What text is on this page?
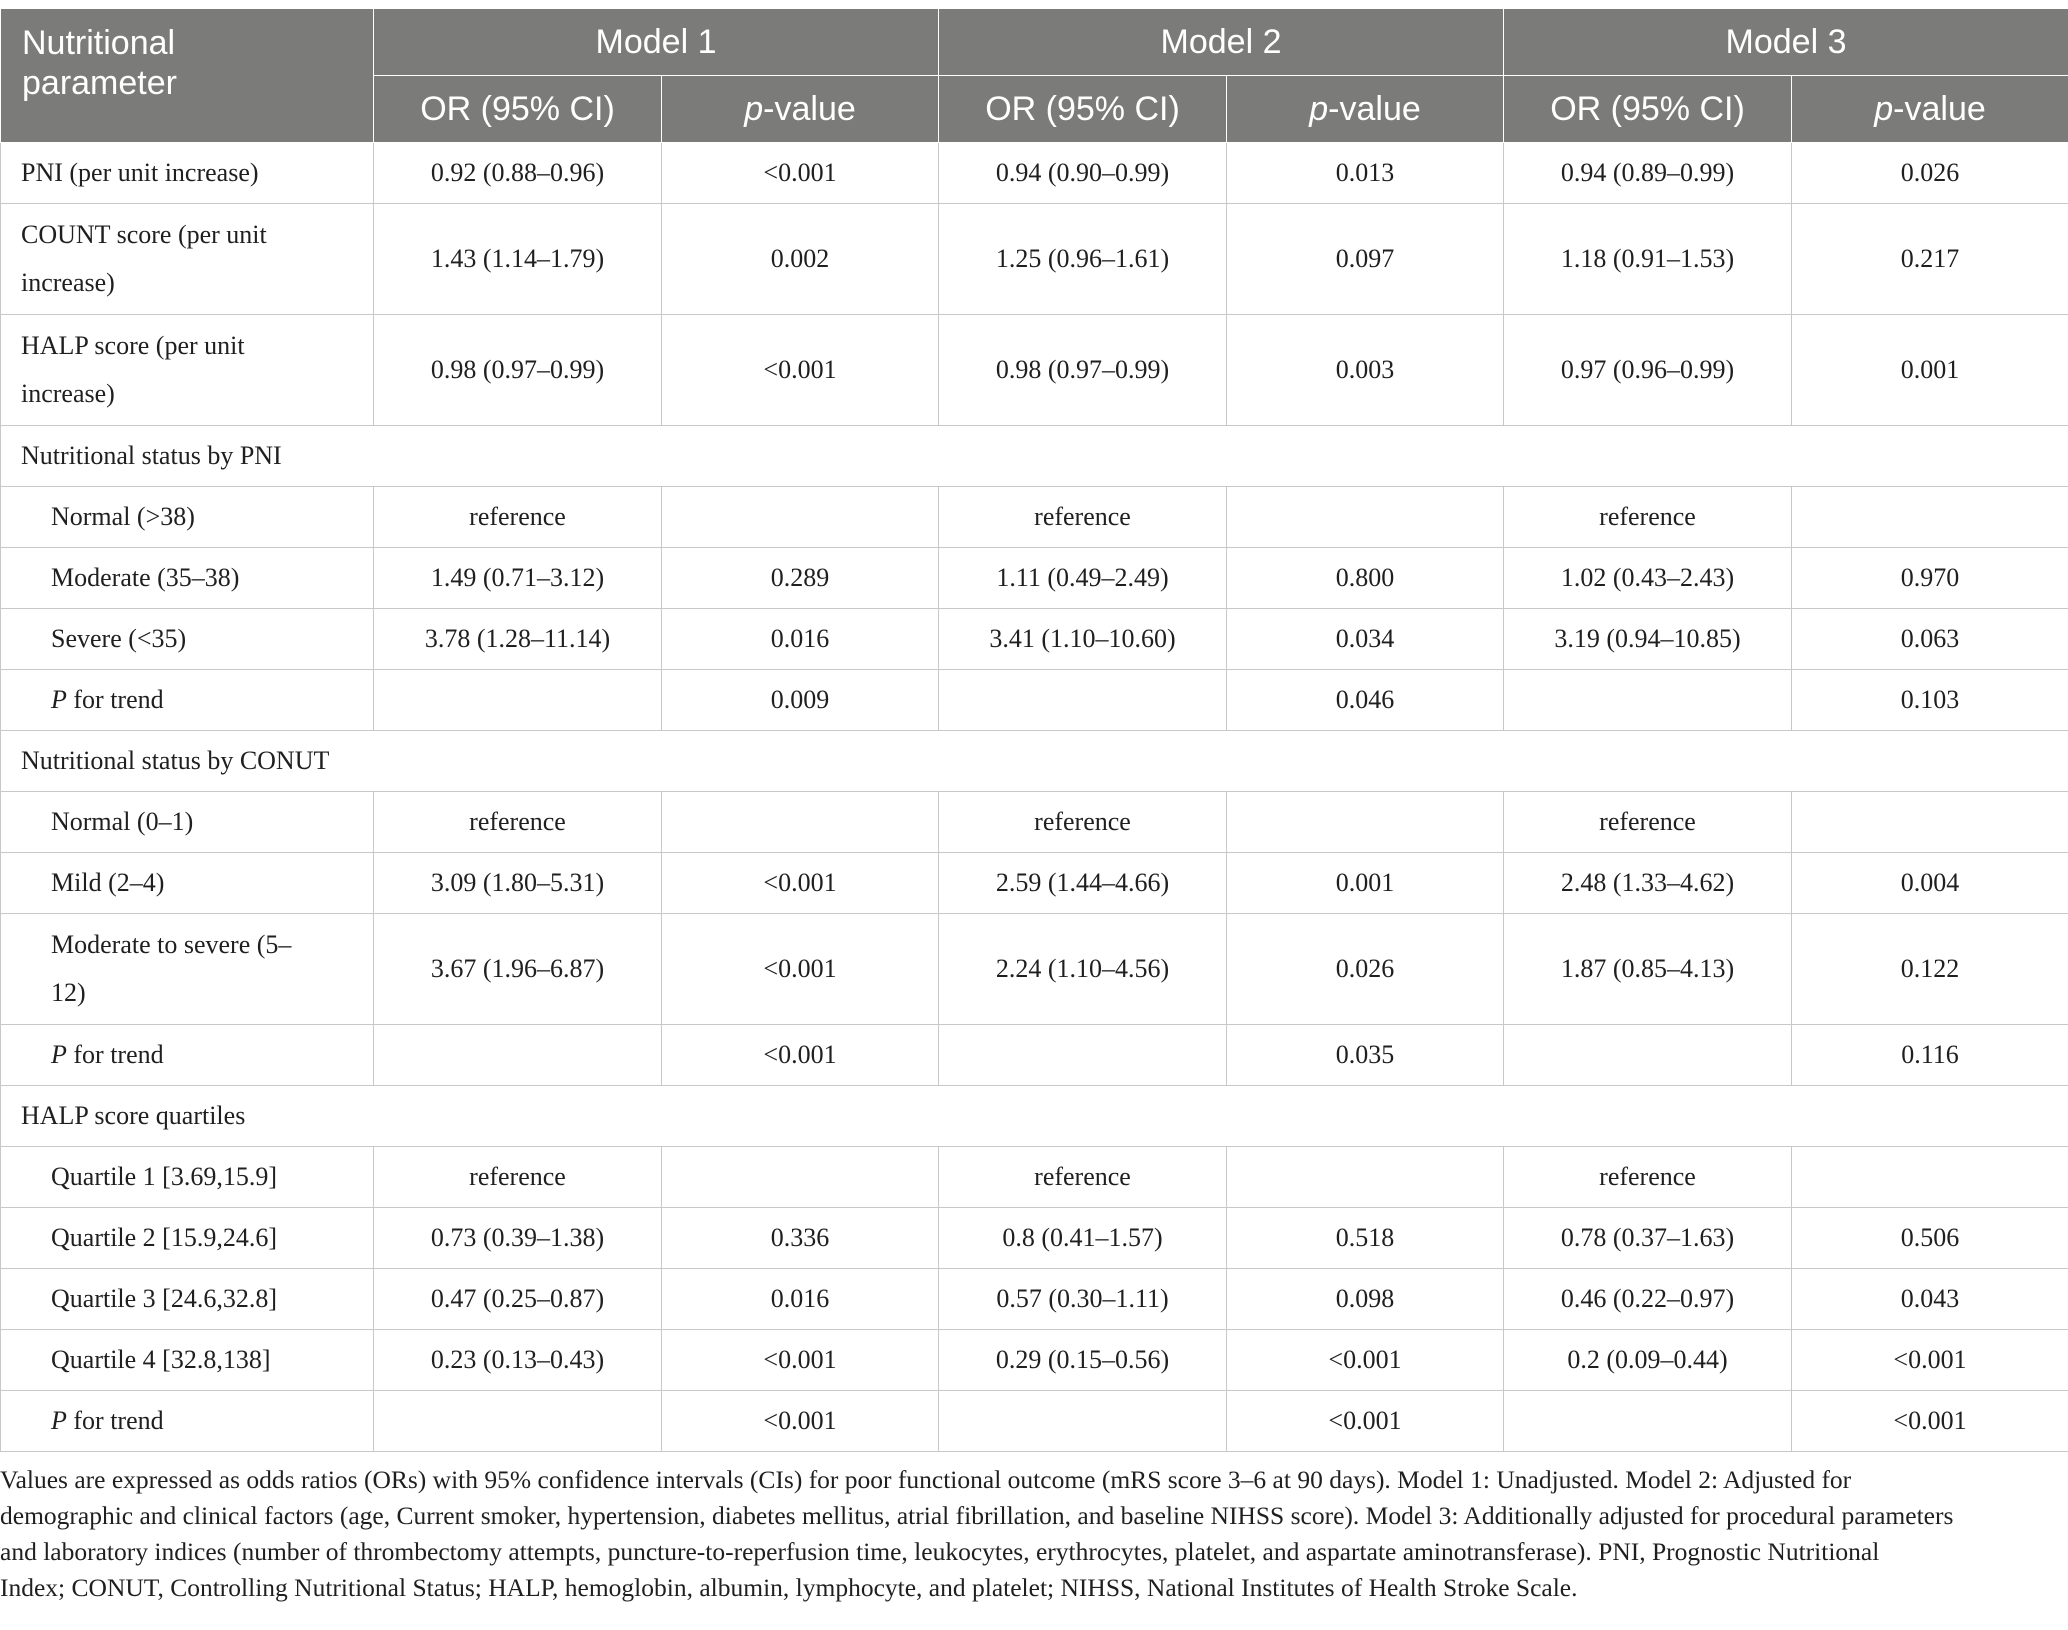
Nutritional
parameter	Model 1		Model 2		Model 3	
	OR (95% CI)	p-value	OR (95% CI)	p-value	OR (95% CI)	p-value
PNI (per unit increase)	0.92 (0.88–0.96)	<0.001	0.94 (0.90–0.99)	0.013	0.94 (0.89–0.99)	0.026
COUNT score (per unit
increase)	1.43 (1.14–1.79)	0.002	1.25 (0.96–1.61)	0.097	1.18 (0.91–1.53)	0.217
HALP score (per unit
increase)	0.98 (0.97–0.99)	<0.001	0.98 (0.97–0.99)	0.003	0.97 (0.96–0.99)	0.001
Nutritional status by PNI						
Normal (>38)	reference		reference		reference	
Moderate (35–38)	1.49 (0.71–3.12)	0.289	1.11 (0.49–2.49)	0.800	1.02 (0.43–2.43)	0.970
Severe (<35)	3.78 (1.28–11.14)	0.016	3.41 (1.10–10.60)	0.034	3.19 (0.94–10.85)	0.063
P for trend		0.009		0.046		0.103
Nutritional status by CONUT						
Normal (0–1)	reference		reference		reference	
Mild (2–4)	3.09 (1.80–5.31)	<0.001	2.59 (1.44–4.66)	0.001	2.48 (1.33–4.62)	0.004
Moderate to severe (5–
12)	3.67 (1.96–6.87)	<0.001	2.24 (1.10–4.56)	0.026	1.87 (0.85–4.13)	0.122
P for trend		<0.001		0.035		0.116
HALP score quartiles						
Quartile 1 [3.69,15.9]	reference		reference		reference	
Quartile 2 [15.9,24.6]	0.73 (0.39–1.38)	0.336	0.8 (0.41–1.57)	0.518	0.78 (0.37–1.63)	0.506
Quartile 3 [24.6,32.8]	0.47 (0.25–0.87)	0.016	0.57 (0.30–1.11)	0.098	0.46 (0.22–0.97)	0.043
Quartile 4 [32.8,138]	0.23 (0.13–0.43)	<0.001	0.29 (0.15–0.56)	<0.001	0.2 (0.09–0.44)	<0.001
P for trend		<0.001		<0.001		<0.001
Values are expressed as odds ratios (ORs) with 95% confidence intervals (CIs) for poor functional outcome (mRS score 3–6 at 90 days). Model 1: Unadjusted. Model 2: Adjusted for
demographic and clinical factors (age, Current smoker, hypertension, diabetes mellitus, atrial fibrillation, and baseline NIHSS score). Model 3: Additionally adjusted for procedural parameters
and laboratory indices (number of thrombectomy attempts, puncture-to-reperfusion time, leukocytes, erythrocytes, platelet, and aspartate aminotransferase). PNI, Prognostic Nutritional
Index; CONUT, Controlling Nutritional Status; HALP, hemoglobin, albumin, lymphocyte, and platelet; NIHSS, National Institutes of Health Stroke Scale.
